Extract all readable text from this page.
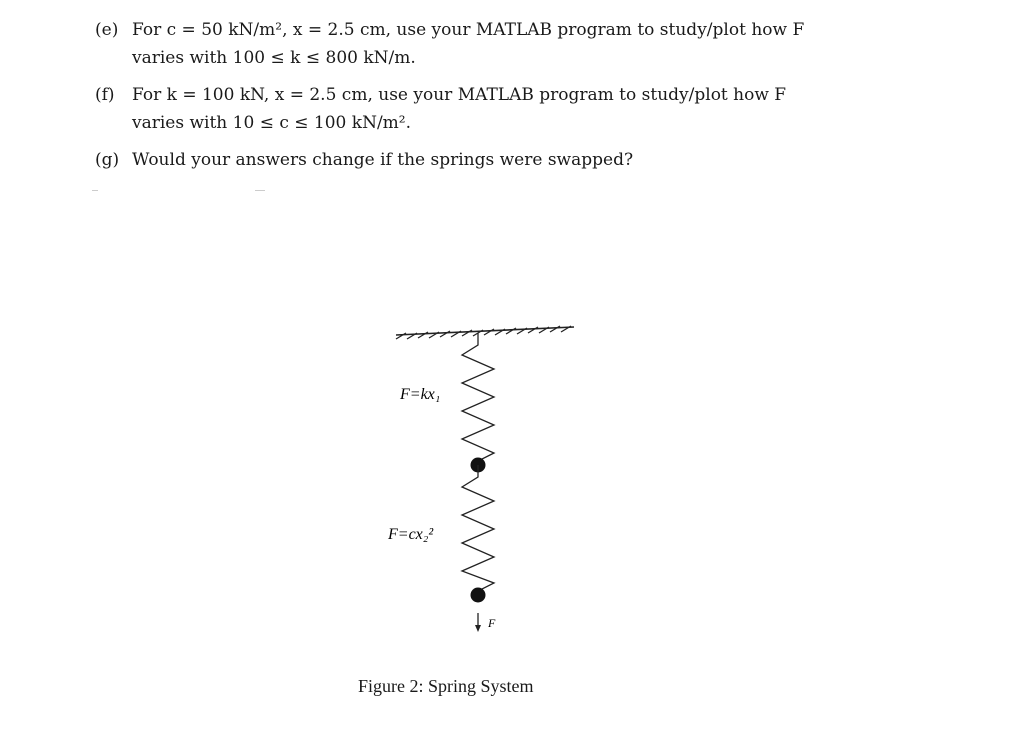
(e) For c = 50 kN/m², x = 2.5 cm, use your MATLAB program to study/plot how F
varies with 100 ≤ k ≤ 800 kN/m.
(f) For k = 100 kN, x = 2.5 cm, use your MATLAB program to study/plot how F
varies with 10 ≤ c ≤ 100 kN/m².
(g) Would your answers change if the springs were swapped?
F=kx₁
F=cx₂²
F⃗
Figure 2: Spring System
